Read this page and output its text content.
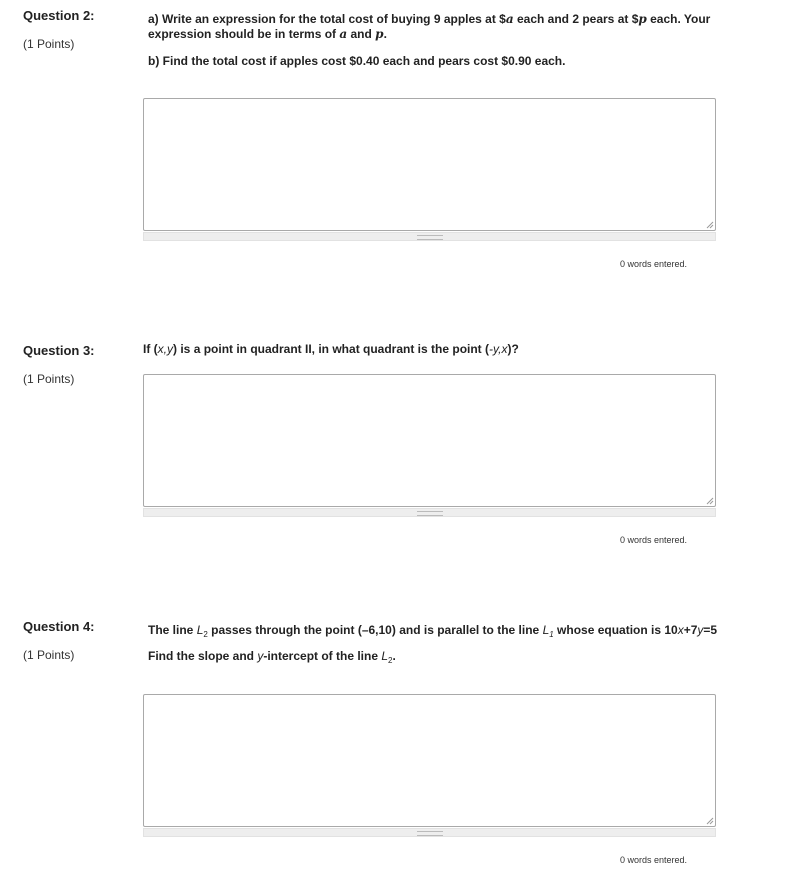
Question 2:
(1 Points)
a) Write an expression for the total cost of buying 9 apples at $a each and 2 pears at $p each. Your
expression should be in terms of a and p.
b) Find the total cost if apples cost $0.40 each and pears cost $0.90 each.
0 words entered.
Question 3:
(1 Points)
If (x,y) is a point in quadrant II, in what quadrant is the point (-y,x)?
0 words entered.
Question 4:
(1 Points)
The line $L_2$ passes through the point (–6,10) and is parallel to the line $L_1$ whose equation is 10x+7y=5
Find the slope and y-intercept of the line $L_2$.
0 words entered.
